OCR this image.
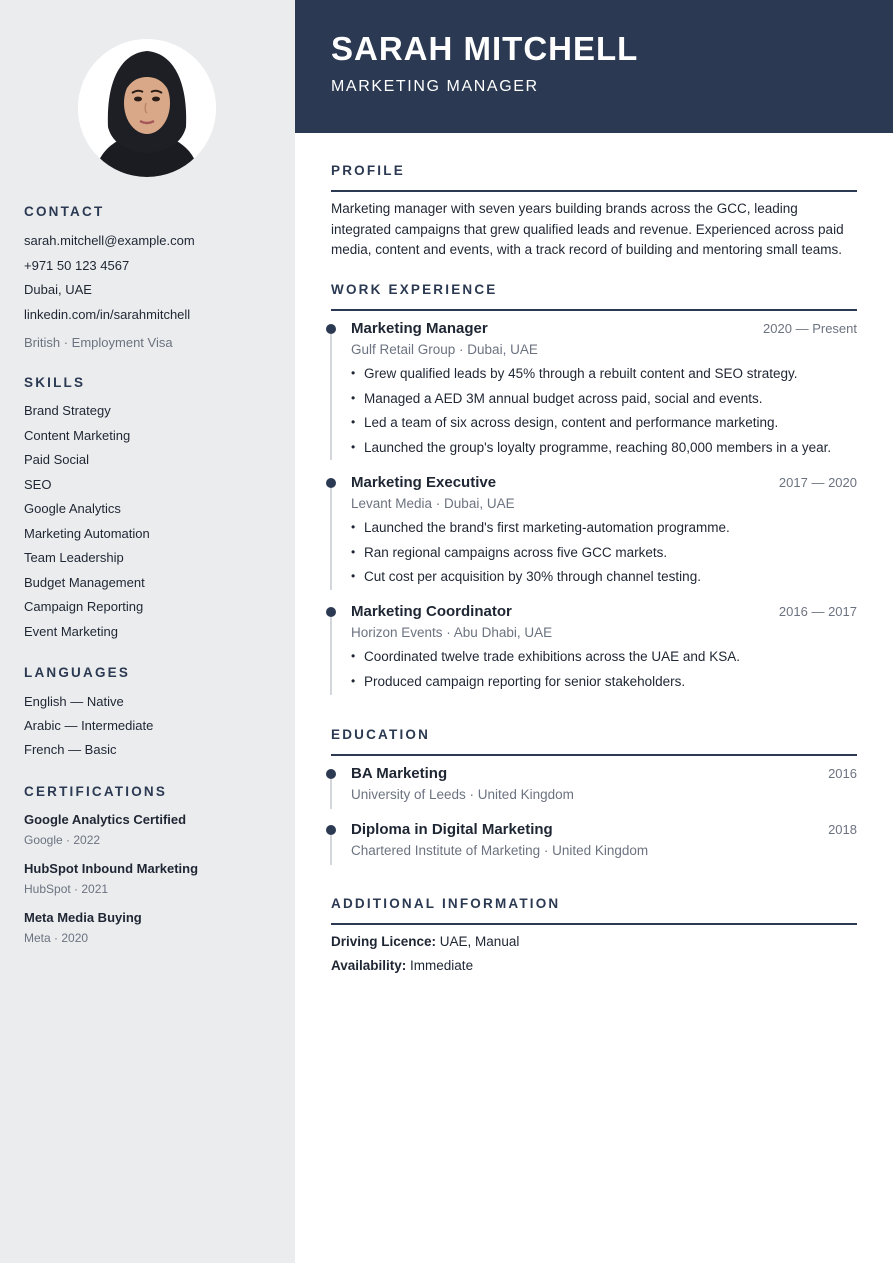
CONTACT
sarah.mitchell@example.com
+971 50 123 4567
Dubai, UAE
linkedin.com/in/sarahmitchell
British · Employment Visa
SKILLS
Brand Strategy
Content Marketing
Paid Social
SEO
Google Analytics
Marketing Automation
Team Leadership
Budget Management
Campaign Reporting
Event Marketing
LANGUAGES
English — Native
Arabic — Intermediate
French — Basic
CERTIFICATIONS
Google Analytics Certified
Google · 2022
HubSpot Inbound Marketing
HubSpot · 2021
Meta Media Buying
Meta · 2020
SARAH MITCHELL
MARKETING MANAGER
PROFILE

Marketing manager with seven years building brands across the GCC, leading integrated campaigns that grew qualified leads and revenue. Experienced across paid media, content and events, with a track record of building and mentoring small teams.

WORK EXPERIENCE
Marketing Manager	2020 — Present
Gulf Retail Group · Dubai, UAE
• Grew qualified leads by 45% through a rebuilt content and SEO strategy.
• Managed a AED 3M annual budget across paid, social and events.
• Led a team of six across design, content and performance marketing.
• Launched the group's loyalty programme, reaching 80,000 members in a year.
Marketing Executive	2017 — 2020
Levant Media · Dubai, UAE
• Launched the brand's first marketing-automation programme.
• Ran regional campaigns across five GCC markets.
• Cut cost per acquisition by 30% through channel testing.
Marketing Coordinator	2016 — 2017
Horizon Events · Abu Dhabi, UAE
• Coordinated twelve trade exhibitions across the UAE and KSA.
• Produced campaign reporting for senior stakeholders.
EDUCATION
BA Marketing	2016
University of Leeds · United Kingdom
Diploma in Digital Marketing	2018
Chartered Institute of Marketing · United Kingdom
ADDITIONAL INFORMATION
Driving Licence: UAE, Manual
Availability: Immediate
